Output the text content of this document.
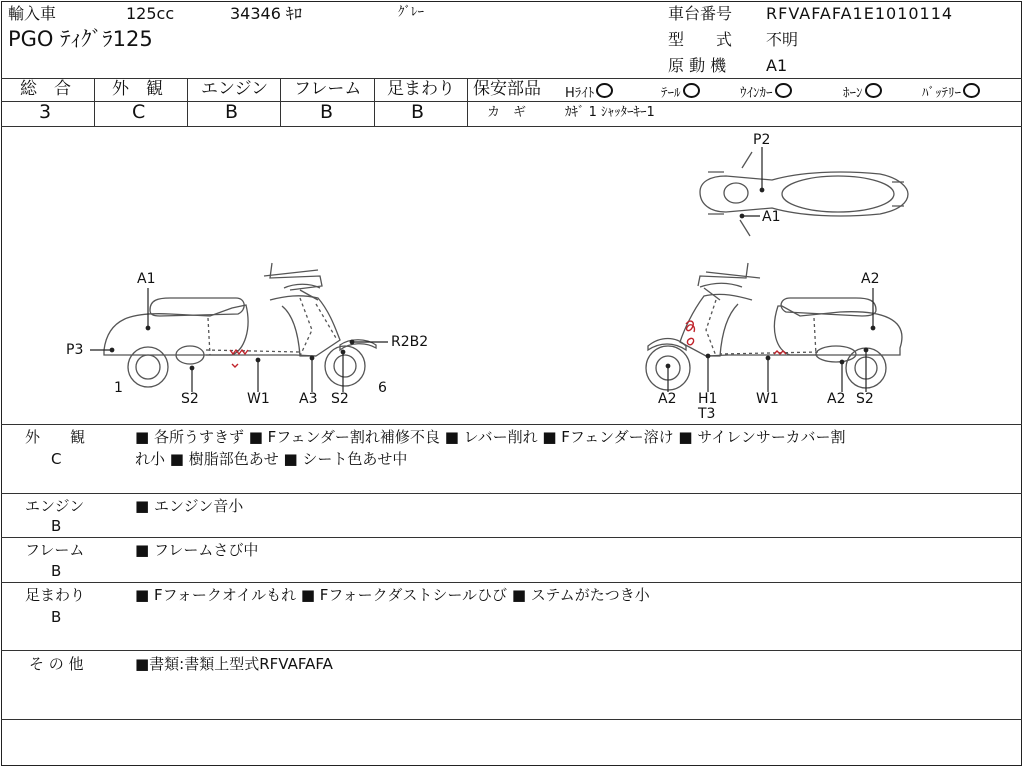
輸入車	125cc	34346 ｷﾛ	ｸﾞﾚｰ
PGO ﾃｨｸﾞﾗ125
車台番号 RFVAFAFA1E1010114
型　　式 不明
原 動 機 A1
総　合 外　観 エンジン フレーム 足まわり
3	C	B	B	B
保安部品 Hﾗｲﾄ	ﾃｰﾙ	ｳｲﾝｶｰ	ﾎｰﾝ	ﾊﾞｯﾃﾘｰ
カ　ギ	ｶｷﾞ 1 ｼｬｯﾀｰｷｰ1
A1
P3
1
R2B2
6
S2	W1 A3 S2
A2
A2 H1
T3
W1	A2 S2
P2
A1
外　　観
C
■ 各所うすきず ■ Fフェンダー割れ補修不良 ■ レバー削れ ■ Fフェンダー溶け ■ サイレンサーカバー割
れ小 ■ 樹脂部色あせ ■ シート色あせ中
エンジン
B
■ エンジン音小
フレーム
B
■ フレームさび中
足まわり
B
■ Fフォークオイルもれ ■ Fフォークダストシールひび ■ ステムがたつき小
そ の 他	■書類:書類上型式RFVAFAFA
